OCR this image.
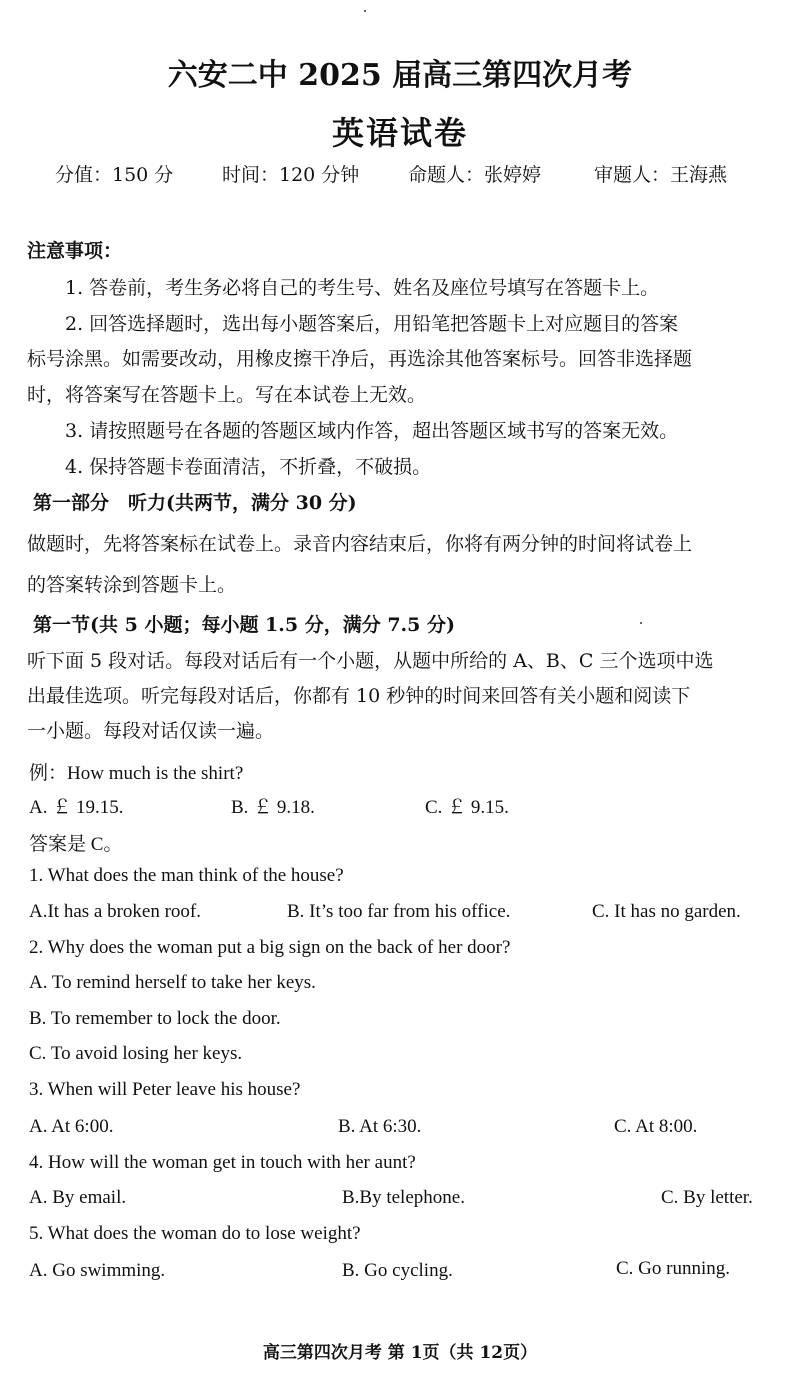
六安二中 2025 届高三第四次月考
英语试卷
分值：150 分	时间：120 分钟	命题人：张婷婷	审题人：王海燕
注意事项：
1. 答卷前，考生务必将自己的考生号、姓名及座位号填写在答题卡上。
2. 回答选择题时，选出每小题答案后，用铅笔把答题卡上对应题目的答案
标号涂黑。如需要改动，用橡皮擦干净后，再选涂其他答案标号。回答非选择题
时，将答案写在答题卡上。写在本试卷上无效。
3. 请按照题号在各题的答题区域内作答，超出答题区域书写的答案无效。
4. 保持答题卡卷面清洁，不折叠，不破损。
第一部分　听力(共两节，满分 30 分)
做题时，先将答案标在试卷上。录音内容结束后，你将有两分钟的时间将试卷上
的答案转涂到答题卡上。
第一节(共 5 小题；每小题 1.5 分，满分 7.5 分)
听下面 5 段对话。每段对话后有一个小题，从题中所给的 A、B、C 三个选项中选
出最佳选项。听完每段对话后，你都有 10 秒钟的时间来回答有关小题和阅读下
一小题。每段对话仅读一遍。
例：How much is the shirt?
A. ￡ 19.15.	B. ￡ 9.18.	C. ￡ 9.15.
答案是 C。
1. What does the man think of the house?
A.It has a broken roof.	B. It’s too far from his office.	C. It has no garden.
2. Why does the woman put a big sign on the back of her door?
A. To remind herself to take her keys.
B. To remember to lock the door.
C. To avoid losing her keys.
3. When will Peter leave his house?
A. At 6:00.	B. At 6:30.	C. At 8:00.
4. How will the woman get in touch with her aunt?
A. By email.	B.By telephone.	C. By letter.
5. What does the woman do to lose weight?
A. Go swimming.	B. Go cycling.	C. Go running.
高三第四次月考 第 1页（共 12页）
